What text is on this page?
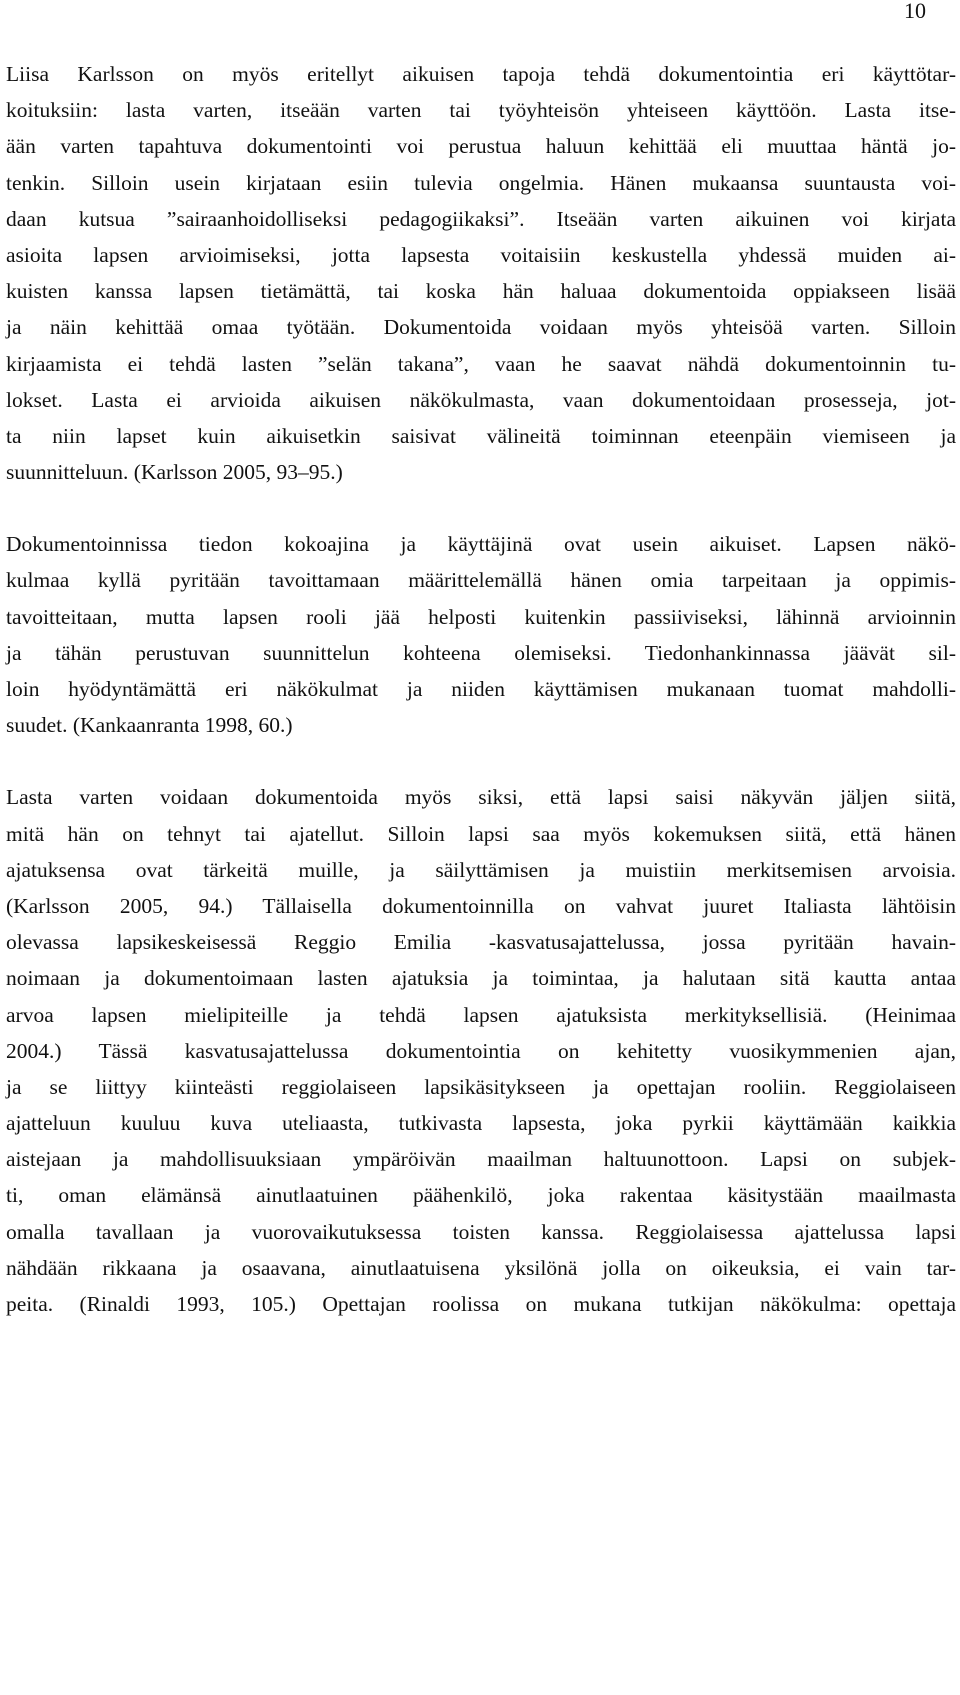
10
Liisa Karlsson on myös eritellyt aikuisen tapoja tehdä dokumentointia eri käyttötar-
koituksiin: lasta varten, itseään varten tai työyhteisön yhteiseen käyttöön. Lasta itse-
ään varten tapahtuva dokumentointi voi perustua haluun kehittää eli muuttaa häntä jo-
tenkin. Silloin usein kirjataan esiin tulevia ongelmia. Hänen mukaansa suuntausta voi-
daan kutsua ”sairaanhoidolliseksi pedagogiikaksi”. Itseään varten aikuinen voi kirjata
asioita lapsen arvioimiseksi, jotta lapsesta voitaisiin keskustella yhdessä muiden ai-
kuisten kanssa lapsen tietämättä, tai koska hän haluaa dokumentoida oppiakseen lisää
ja näin kehittää omaa työtään. Dokumentoida voidaan myös yhteisöä varten. Silloin
kirjaamista ei tehdä lasten ”selän takana”, vaan he saavat nähdä dokumentoinnin tu-
lokset. Lasta ei arvioida aikuisen näkökulmasta, vaan dokumentoidaan prosesseja, jot-
ta niin lapset kuin aikuisetkin saisivat välineitä toiminnan eteenpäin viemiseen ja
suunnitteluun. (Karlsson 2005, 93–95.)
Dokumentoinnissa tiedon kokoajina ja käyttäjinä ovat usein aikuiset. Lapsen näkö-
kulmaa kyllä pyritään tavoittamaan määrittelemällä hänen omia tarpeitaan ja oppimis-
tavoitteitaan, mutta lapsen rooli jää helposti kuitenkin passiiviseksi, lähinnä arvioinnin
ja tähän perustuvan suunnittelun kohteena olemiseksi. Tiedonhankinnassa jäävät sil-
loin hyödyntämättä eri näkökulmat ja niiden käyttämisen mukanaan tuomat mahdolli-
suudet. (Kankaanranta 1998, 60.)
Lasta varten voidaan dokumentoida myös siksi, että lapsi saisi näkyvän jäljen siitä,
mitä hän on tehnyt tai ajatellut. Silloin lapsi saa myös kokemuksen siitä, että hänen
ajatuksensa ovat tärkeitä muille, ja säilyttämisen ja muistiin merkitsemisen arvoisia.
(Karlsson 2005, 94.) Tällaisella dokumentoinnilla on vahvat juuret Italiasta lähtöisin
olevassa lapsikeskeisessä Reggio Emilia -kasvatusajattelussa, jossa pyritään havain-
noimaan ja dokumentoimaan lasten ajatuksia ja toimintaa, ja halutaan sitä kautta antaa
arvoa lapsen mielipiteille ja tehdä lapsen ajatuksista merkityksellisiä. (Heinimaa
2004.) Tässä kasvatusajattelussa dokumentointia on kehitetty vuosikymmenien ajan,
ja se liittyy kiinteästi reggiolaiseen lapsikäsitykseen ja opettajan rooliin. Reggiolaiseen
ajatteluun kuuluu kuva uteliaasta, tutkivasta lapsesta, joka pyrkii käyttämään kaikkia
aistejaan ja mahdollisuuksiaan ympäröivän maailman haltuunottoon. Lapsi on subjek-
ti, oman elämänsä ainutlaatuinen päähenkilö, joka rakentaa käsitystään maailmasta
omalla tavallaan ja vuorovaikutuksessa toisten kanssa. Reggiolaisessa ajattelussa lapsi
nähdään rikkaana ja osaavana, ainutlaatuisena yksilönä jolla on oikeuksia, ei vain tar-
peita. (Rinaldi 1993, 105.) Opettajan roolissa on mukana tutkijan näkökulma: opettaja
